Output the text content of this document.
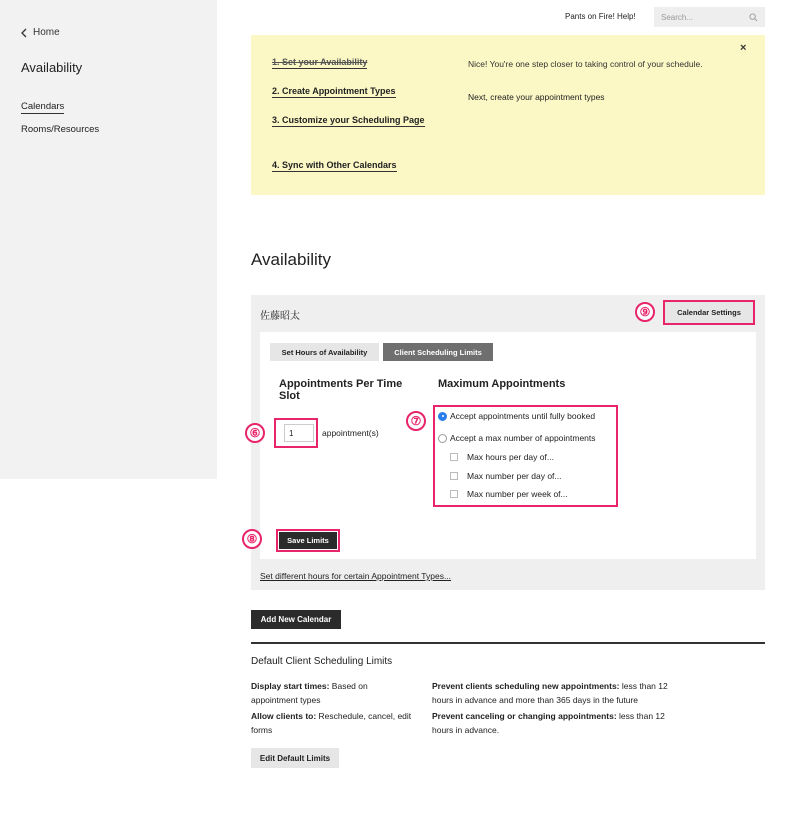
Home
Availability
Calendars
Rooms/Resources
Pants on Fire! Help!	Search...
1. Set your Availability
2. Create Appointment Types
3. Customize your Scheduling Page
4. Sync with Other Calendars
Nice! You're one step closer to taking control of your schedule.
Next, create your appointment types
×
Availability
佐藤昭太	Calendar Settings
Set Hours of Availability	Client Scheduling Limits
Appointments Per Time Slot
Maximum Appointments
1	appointment(s)
Accept appointments until fully booked
Accept a max number of appointments
Max hours per day of...
Max number per day of...
Max number per week of...
Save Limits
Set different hours for certain Appointment Types...
⑨
⑥
⑦
⑧
Add New Calendar
Default Client Scheduling Limits
Display start times: Based on appointment types
Allow clients to: Reschedule, cancel, edit forms
Prevent clients scheduling new appointments: less than 12 hours in advance and more than 365 days in the future
Prevent canceling or changing appointments: less than 12 hours in advance.
Edit Default Limits
